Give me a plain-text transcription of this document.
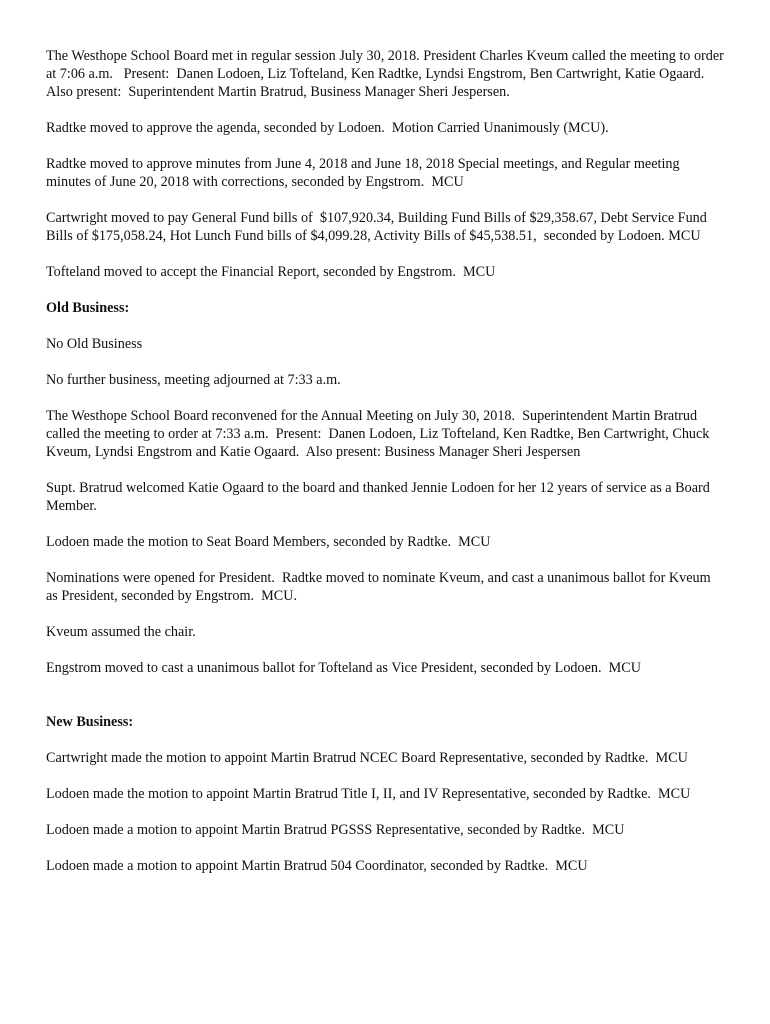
The Westhope School Board met in regular session July 30, 2018. President Charles Kveum called the meeting to order at 7:06 a.m.   Present:  Danen Lodoen, Liz Tofteland, Ken Radtke, Lyndsi Engstrom, Ben Cartwright, Katie Ogaard.  Also present:  Superintendent Martin Bratrud, Business Manager Sheri Jespersen.

Radtke moved to approve the agenda, seconded by Lodoen.  Motion Carried Unanimously (MCU).

Radtke moved to approve minutes from June 4, 2018 and June 18, 2018 Special meetings, and Regular meeting minutes of June 20, 2018 with corrections, seconded by Engstrom.  MCU

Cartwright moved to pay General Fund bills of  $107,920.34, Building Fund Bills of $29,358.67, Debt Service Fund Bills of $175,058.24, Hot Lunch Fund bills of $4,099.28, Activity Bills of $45,538.51,  seconded by Lodoen. MCU

Tofteland moved to accept the Financial Report, seconded by Engstrom.  MCU

Old Business:

No Old Business

No further business, meeting adjourned at 7:33 a.m.

The Westhope School Board reconvened for the Annual Meeting on July 30, 2018.  Superintendent Martin Bratrud called the meeting to order at 7:33 a.m.  Present:  Danen Lodoen, Liz Tofteland, Ken Radtke, Ben Cartwright, Chuck Kveum, Lyndsi Engstrom and Katie Ogaard.  Also present: Business Manager Sheri Jespersen

Supt. Bratrud welcomed Katie Ogaard to the board and thanked Jennie Lodoen for her 12 years of service as a Board Member.

Lodoen made the motion to Seat Board Members, seconded by Radtke.  MCU

Nominations were opened for President.  Radtke moved to nominate Kveum, and cast a unanimous ballot for Kveum as President, seconded by Engstrom.  MCU.

Kveum assumed the chair.

Engstrom moved to cast a unanimous ballot for Tofteland as Vice President, seconded by Lodoen.  MCU

New Business:

Cartwright made the motion to appoint Martin Bratrud NCEC Board Representative, seconded by Radtke.  MCU

Lodoen made the motion to appoint Martin Bratrud Title I, II, and IV Representative, seconded by Radtke.  MCU

Lodoen made a motion to appoint Martin Bratrud PGSSS Representative, seconded by Radtke.  MCU

Lodoen made a motion to appoint Martin Bratrud 504 Coordinator, seconded by Radtke.  MCU
